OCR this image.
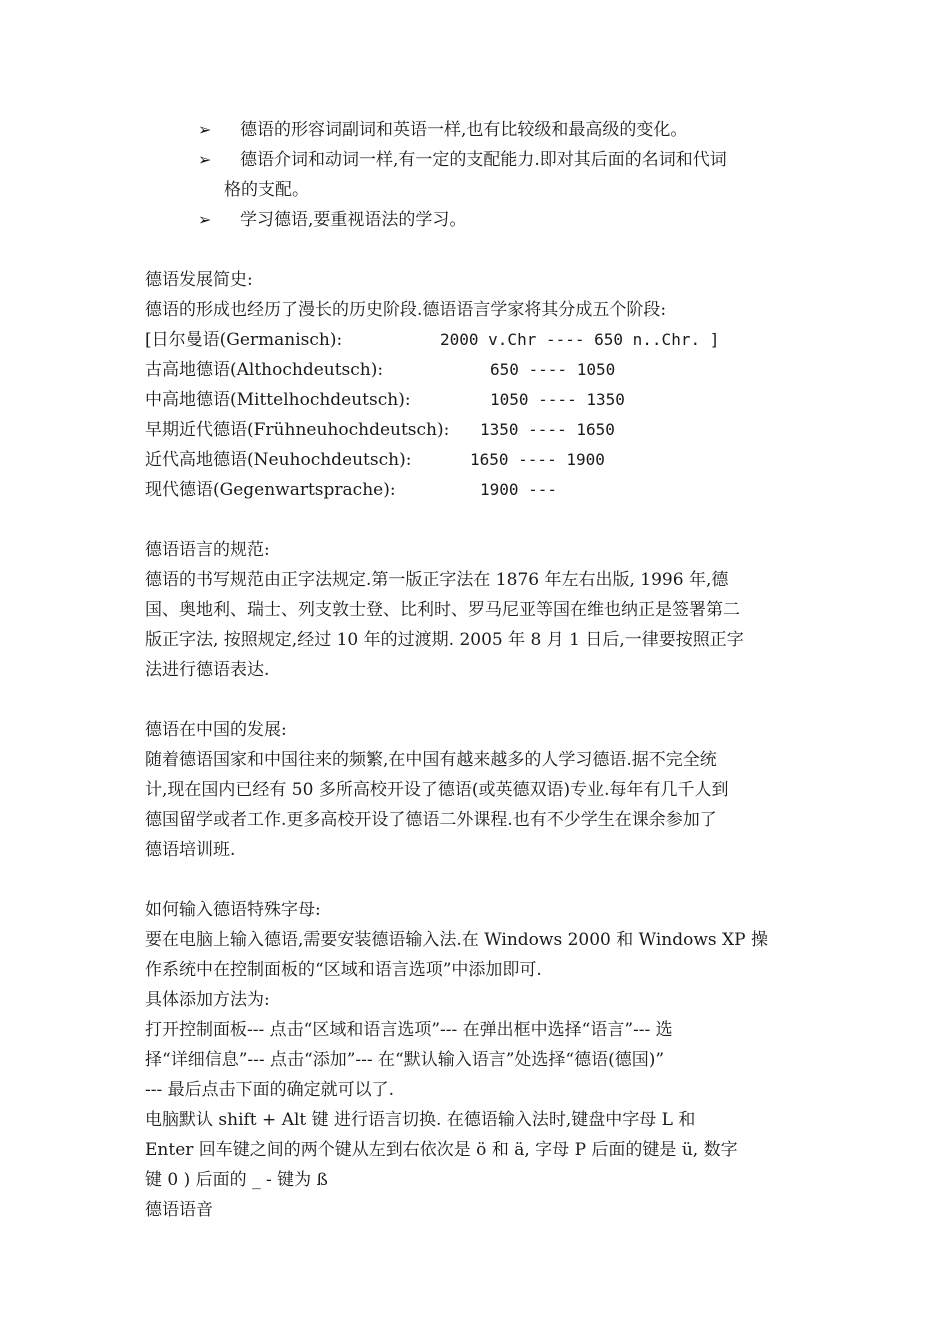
➢ 德语的形容词副词和英语一样,也有比较级和最高级的变化。
➢ 德语介词和动词一样,有一定的支配能力.即对其后面的名词和代词
格的支配。
➢ 学习德语,要重视语法的学习。
德语发展简史:
德语的形成也经历了漫长的历史阶段.德语语言学家将其分成五个阶段:
[日尔曼语(Germanisch):	2000 v.Chr ---- 650 n..Chr. ]
古高地德语(Althochdeutsch):	650 ---- 1050
中高地德语(Mittelhochdeutsch):	1050 ---- 1350
早期近代德语(Frühneuhochdeutsch): 1350 ---- 1650
近代高地德语(Neuhochdeutsch):	1650 ---- 1900
现代德语(Gegenwartsprache):	1900 ---
德语语言的规范:
德语的书写规范由正字法规定.第一版正字法在 1876 年左右出版, 1996 年,德
国、奥地利、瑞士、列支敦士登、比利时、罗马尼亚等国在维也纳正是签署第二
版正字法, 按照规定,经过 10 年的过渡期. 2005 年 8 月 1 日后,一律要按照正字
法进行德语表达.
德语在中国的发展:
随着德语国家和中国往来的频繁,在中国有越来越多的人学习德语.据不完全统
计,现在国内已经有 50 多所高校开设了德语(或英德双语)专业.每年有几千人到
德国留学或者工作.更多高校开设了德语二外课程.也有不少学生在课余参加了
德语培训班.
如何输入德语特殊字母:
要在电脑上输入德语,需要安装德语输入法.在 Windows 2000 和 Windows XP 操
作系统中在控制面板的“区域和语言选项”中添加即可.
具体添加方法为:
打开控制面板--- 点击“区域和语言选项”--- 在弹出框中选择“语言”--- 选
择“详细信息”--- 点击“添加”--- 在“默认输入语言”处选择“德语(德国)”
--- 最后点击下面的确定就可以了.
电脑默认 shift + Alt 键 进行语言切换. 在德语输入法时,键盘中字母 L 和
Enter 回车键之间的两个键从左到右依次是 ö 和 ä, 字母 P 后面的键是 ü, 数字
键 0 ) 后面的 _ - 键为 ß
德语语音
